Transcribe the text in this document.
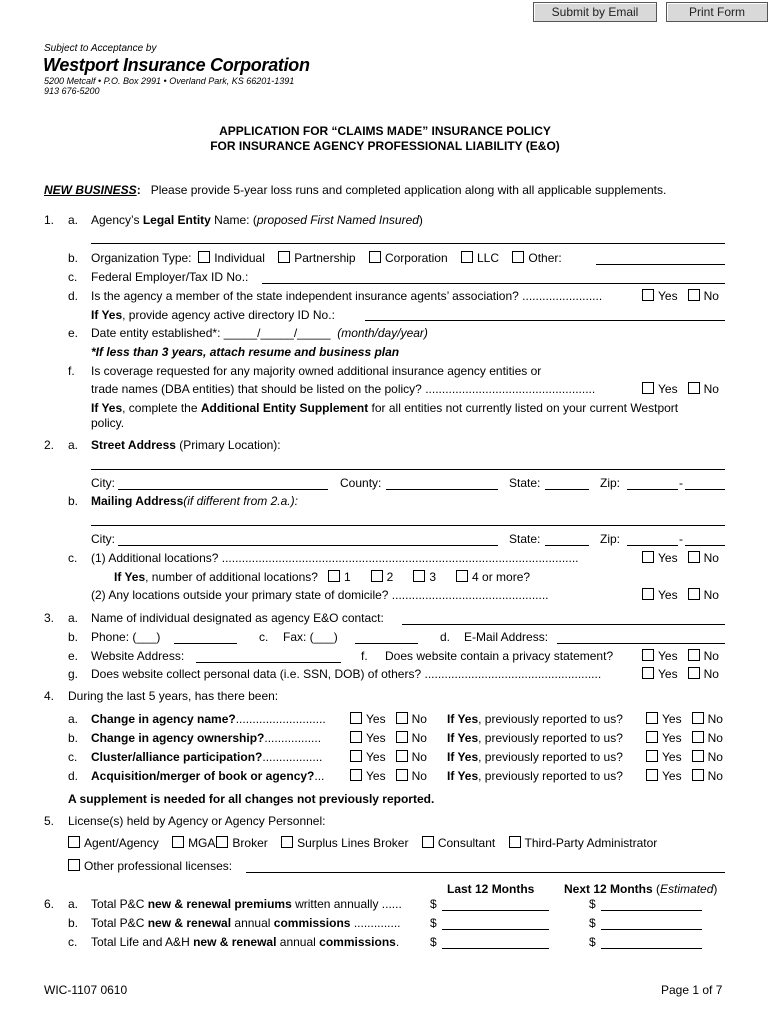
Submit by Email	Print Form
Subject to Acceptance by
Westport Insurance Corporation
5200 Metcalf • P.O. Box 2991 • Overland Park, KS 66201-1391
913 676-5200
APPLICATION FOR “CLAIMS MADE” INSURANCE POLICY
FOR INSURANCE AGENCY PROFESSIONAL LIABILITY (E&O)
NEW BUSINESS: Please provide 5-year loss runs and completed application along with all applicable supplements.
1. a. Agency’s Legal Entity Name: (proposed First Named Insured)
b. Organization Type: Individual Partnership Corporation LLC Other:
c. Federal Employer/Tax ID No.:
d. Is the agency a member of the state independent insurance agents’ association? ........................	Yes No
If Yes, provide agency active directory ID No.:
e. Date entity established*: _____/_____/_____ (month/day/year)
*If less than 3 years, attach resume and business plan
f. Is coverage requested for any majority owned additional insurance agency entities or
trade names (DBA entities) that should be listed on the policy? ...................................................	Yes No
If Yes, complete the Additional Entity Supplement for all entities not currently listed on your current Westport
policy.
2. a. Street Address (Primary Location):
City:	County:	State:	Zip:	-
b. Mailing Address(if different from 2.a.):
City:	State:	Zip:	-
c. (1) Additional locations? ...........................................................................................................	Yes No
If Yes, number of additional locations? 1	2	3	4 or more?
(2) Any locations outside your primary state of domicile? ...............................................	Yes No
3. a. Name of individual designated as agency E&O contact:
b. Phone: (___)	c. Fax: (___)	d. E-Mail Address:
e. Website Address:	f. Does website contain a privacy statement?	Yes No
g. Does website collect personal data (i.e. SSN, DOB) of others? .....................................................	Yes No
4. During the last 5 years, has there been:
a. Change in agency name?...........................	Yes No If Yes, previously reported to us?	Yes No
b. Change in agency ownership?.................	Yes No If Yes, previously reported to us?	Yes No
c. Cluster/alliance participation?..................	Yes No If Yes, previously reported to us?	Yes No
d. Acquisition/merger of book or agency?...	Yes No If Yes, previously reported to us?	Yes No
A supplement is needed for all changes not previously reported.
5. License(s) held by Agency or Agency Personnel:
Agent/Agency MGA Broker Surplus Lines Broker Consultant Third-Party Administrator
Other professional licenses:
Last 12 Months Next 12 Months (Estimated)
6. a. Total P&C new & renewal premiums written annually ...... $	$
b. Total P&C new & renewal annual commissions .............. $	$
c. Total Life and A&H new & renewal annual commissions.	$	$
WIC-1107 0610	Page 1 of 7
